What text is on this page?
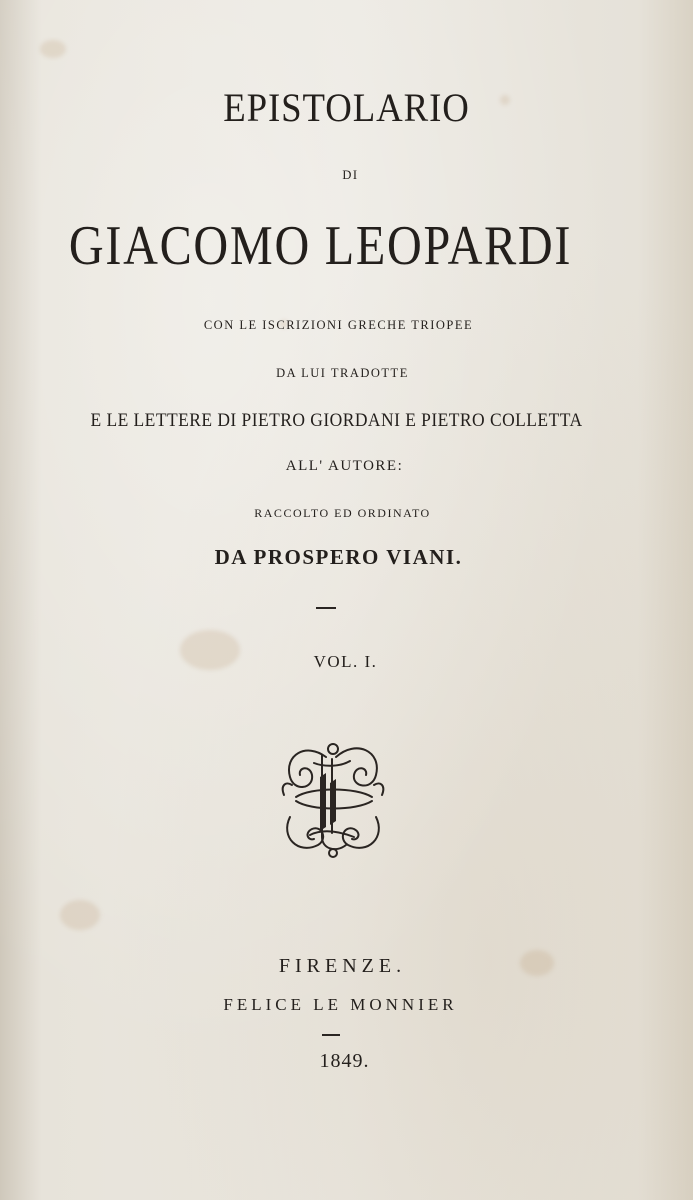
EPISTOLARIO
DI
GIACOMO LEOPARDI
CON LE ISCRIZIONI GRECHE TRIOPEE
DA LUI TRADOTTE
E LE LETTERE DI PIETRO GIORDANI E PIETRO COLLETTA
ALL' AUTORE:
RACCOLTO ED ORDINATO
DA PROSPERO VIANI.
VOL. I.
FIRENZE.
FELICE LE MONNIER
1849.
